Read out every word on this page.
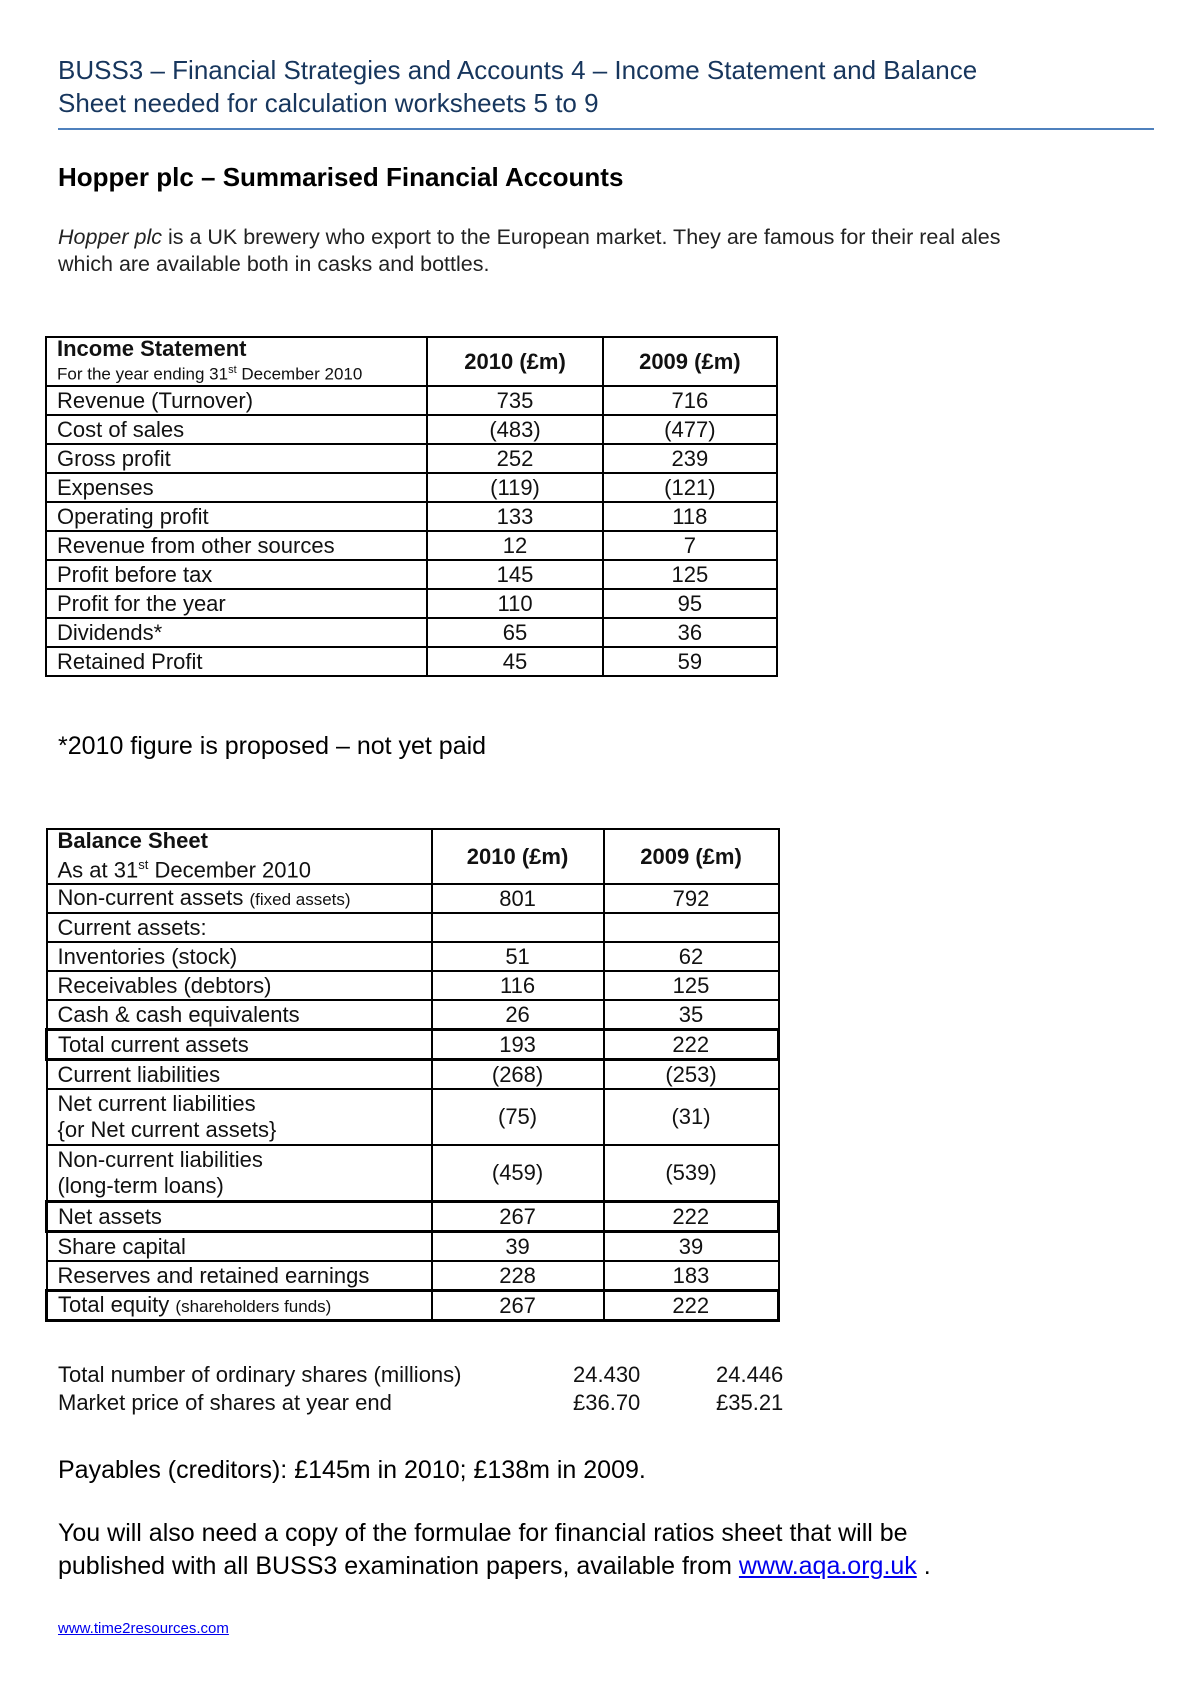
BUSS3 – Financial Strategies and Accounts 4 – Income Statement and Balance
Sheet needed for calculation worksheets 5 to 9
Hopper plc – Summarised Financial Accounts
Hopper plc is a UK brewery who export to the European market. They are famous for their real ales
which are available both in casks and bottles.
Income Statement
For the year ending 31st December 2010	2010 (£m)	2009 (£m)
Revenue (Turnover)	735	716
Cost of sales	(483)	(477)
Gross profit	252	239
Expenses	(119)	(121)
Operating profit	133	118
Revenue from other sources	12	7
Profit before tax	145	125
Profit for the year	110	95
Dividends*	65	36
Retained Profit	45	59
*2010 figure is proposed – not yet paid
Balance Sheet
As at 31st December 2010	2010 (£m)	2009 (£m)
Non-current assets (fixed assets)	801	792
Current assets:		
Inventories (stock)	51	62
Receivables (debtors)	116	125
Cash & cash equivalents	26	35
Total current assets	193	222
Current liabilities	(268)	(253)

Net current liabilities
{or Net current assets}	(75)	(31)

Non-current liabilities
(long-term loans)	(459)	(539)
Net assets	267	222
Share capital	39	39
Reserves and retained earnings	228	183
Total equity (shareholders funds)	267	222
Total number of ordinary shares (millions)	24.430	24.446
Market price of shares at year end	£36.70	£35.21
Payables (creditors): £145m in 2010; £138m in 2009.
You will also need a copy of the formulae for financial ratios sheet that will be
published with all BUSS3 examination papers, available from www.aqa.org.uk .
www.time2resources.com
